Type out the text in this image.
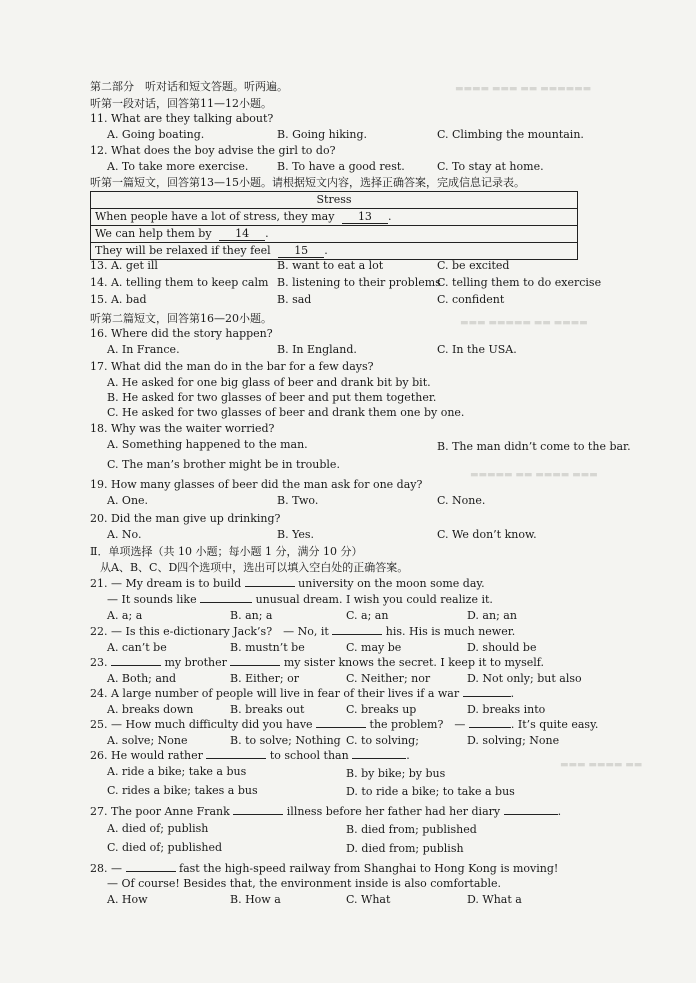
▬▬▬▬ ▬▬▬ ▬▬ ▬▬▬▬▬▬
▬▬▬ ▬▬▬▬▬ ▬▬ ▬▬▬▬
▬▬▬▬▬ ▬▬ ▬▬▬▬ ▬▬▬
▬▬▬ ▬▬▬▬ ▬▬
第二部分　听对话和短文答题。听两遍。
听第一段对话，回答第11—12小题。
11. What are they talking about?
A. Going boating.	B. Going hiking.	C. Climbing the mountain.
12. What does the boy advise the girl to do?
A. To take more exercise.	B. To have a good rest.	C. To stay at home.
听第一篇短文，回答第13—15小题。请根据短文内容，选择正确答案，完成信息记录表。
Stress
When people have a lot of stress, they may 13 .
We can help them by 14 .
They will be relaxed if they feel 15 .
13. A. get ill	B. want to eat a lot	C. be excited
14. A. telling them to keep calm B. listening to their problems
C. telling them to do exercise
15. A. bad	B. sad	C. confident
听第二篇短文，回答第16—20小题。
16. Where did the story happen?
A. In France.	B. In England.	C. In the USA.
17. What did the man do in the bar for a few days?
A. He asked for one big glass of beer and drank bit by bit.
B. He asked for two glasses of beer and put them together.
C. He asked for two glasses of beer and drank them one by one.
18. Why was the waiter worried?
A. Something happened to the man.	B. The man didn’t come to the bar.
C. The man’s brother might be in trouble.
19. How many glasses of beer did the man ask for one day?
A. One.	B. Two.	C. None.
20. Did the man give up drinking?
A. No.	B. Yes.	C. We don’t know.
Ⅱ．单项选择（共 10 小题；每小题 1 分，满分 10 分）
从A、B、C、D四个选项中，选出可以填入空白处的正确答案。
21. — My dream is to build	university on the moon some day.
— It sounds like	unusual dream. I wish you could realize it.
A. a; a	B. an; a	C. a; an	D. an; an
22. — Is this e-dictionary Jack’s?　— No, it	his. His is much newer.
A. can’t be	B. mustn’t be	C. may be	D. should be
23.	my brother	my sister knows the secret. I keep it to myself.
A. Both; and	B. Either; or	C. Neither; nor	D. Not only; but also
24. A large number of people will live in fear of their lives if a war	.
A. breaks down	B. breaks out	C. breaks up	D. breaks into
25. — How much difficulty did you have	the problem?　—	. It’s quite easy.
A. solve; None	B. to solve; Nothing C. to solving;	D. solving; None
26. He would rather	to school than	.
A. ride a bike; take a bus	B. by bike; by bus
C. rides a bike; takes a bus	D. to ride a bike; to take a bus
27. The poor Anne Frank	illness before her father had her diary	.
A. died of; publish	B. died from; published
C. died of; published	D. died from; publish
28. —	fast the high-speed railway from Shanghai to Hong Kong is moving!
— Of course! Besides that, the environment inside is also comfortable.
A. How	B. How a	C. What	D. What a
